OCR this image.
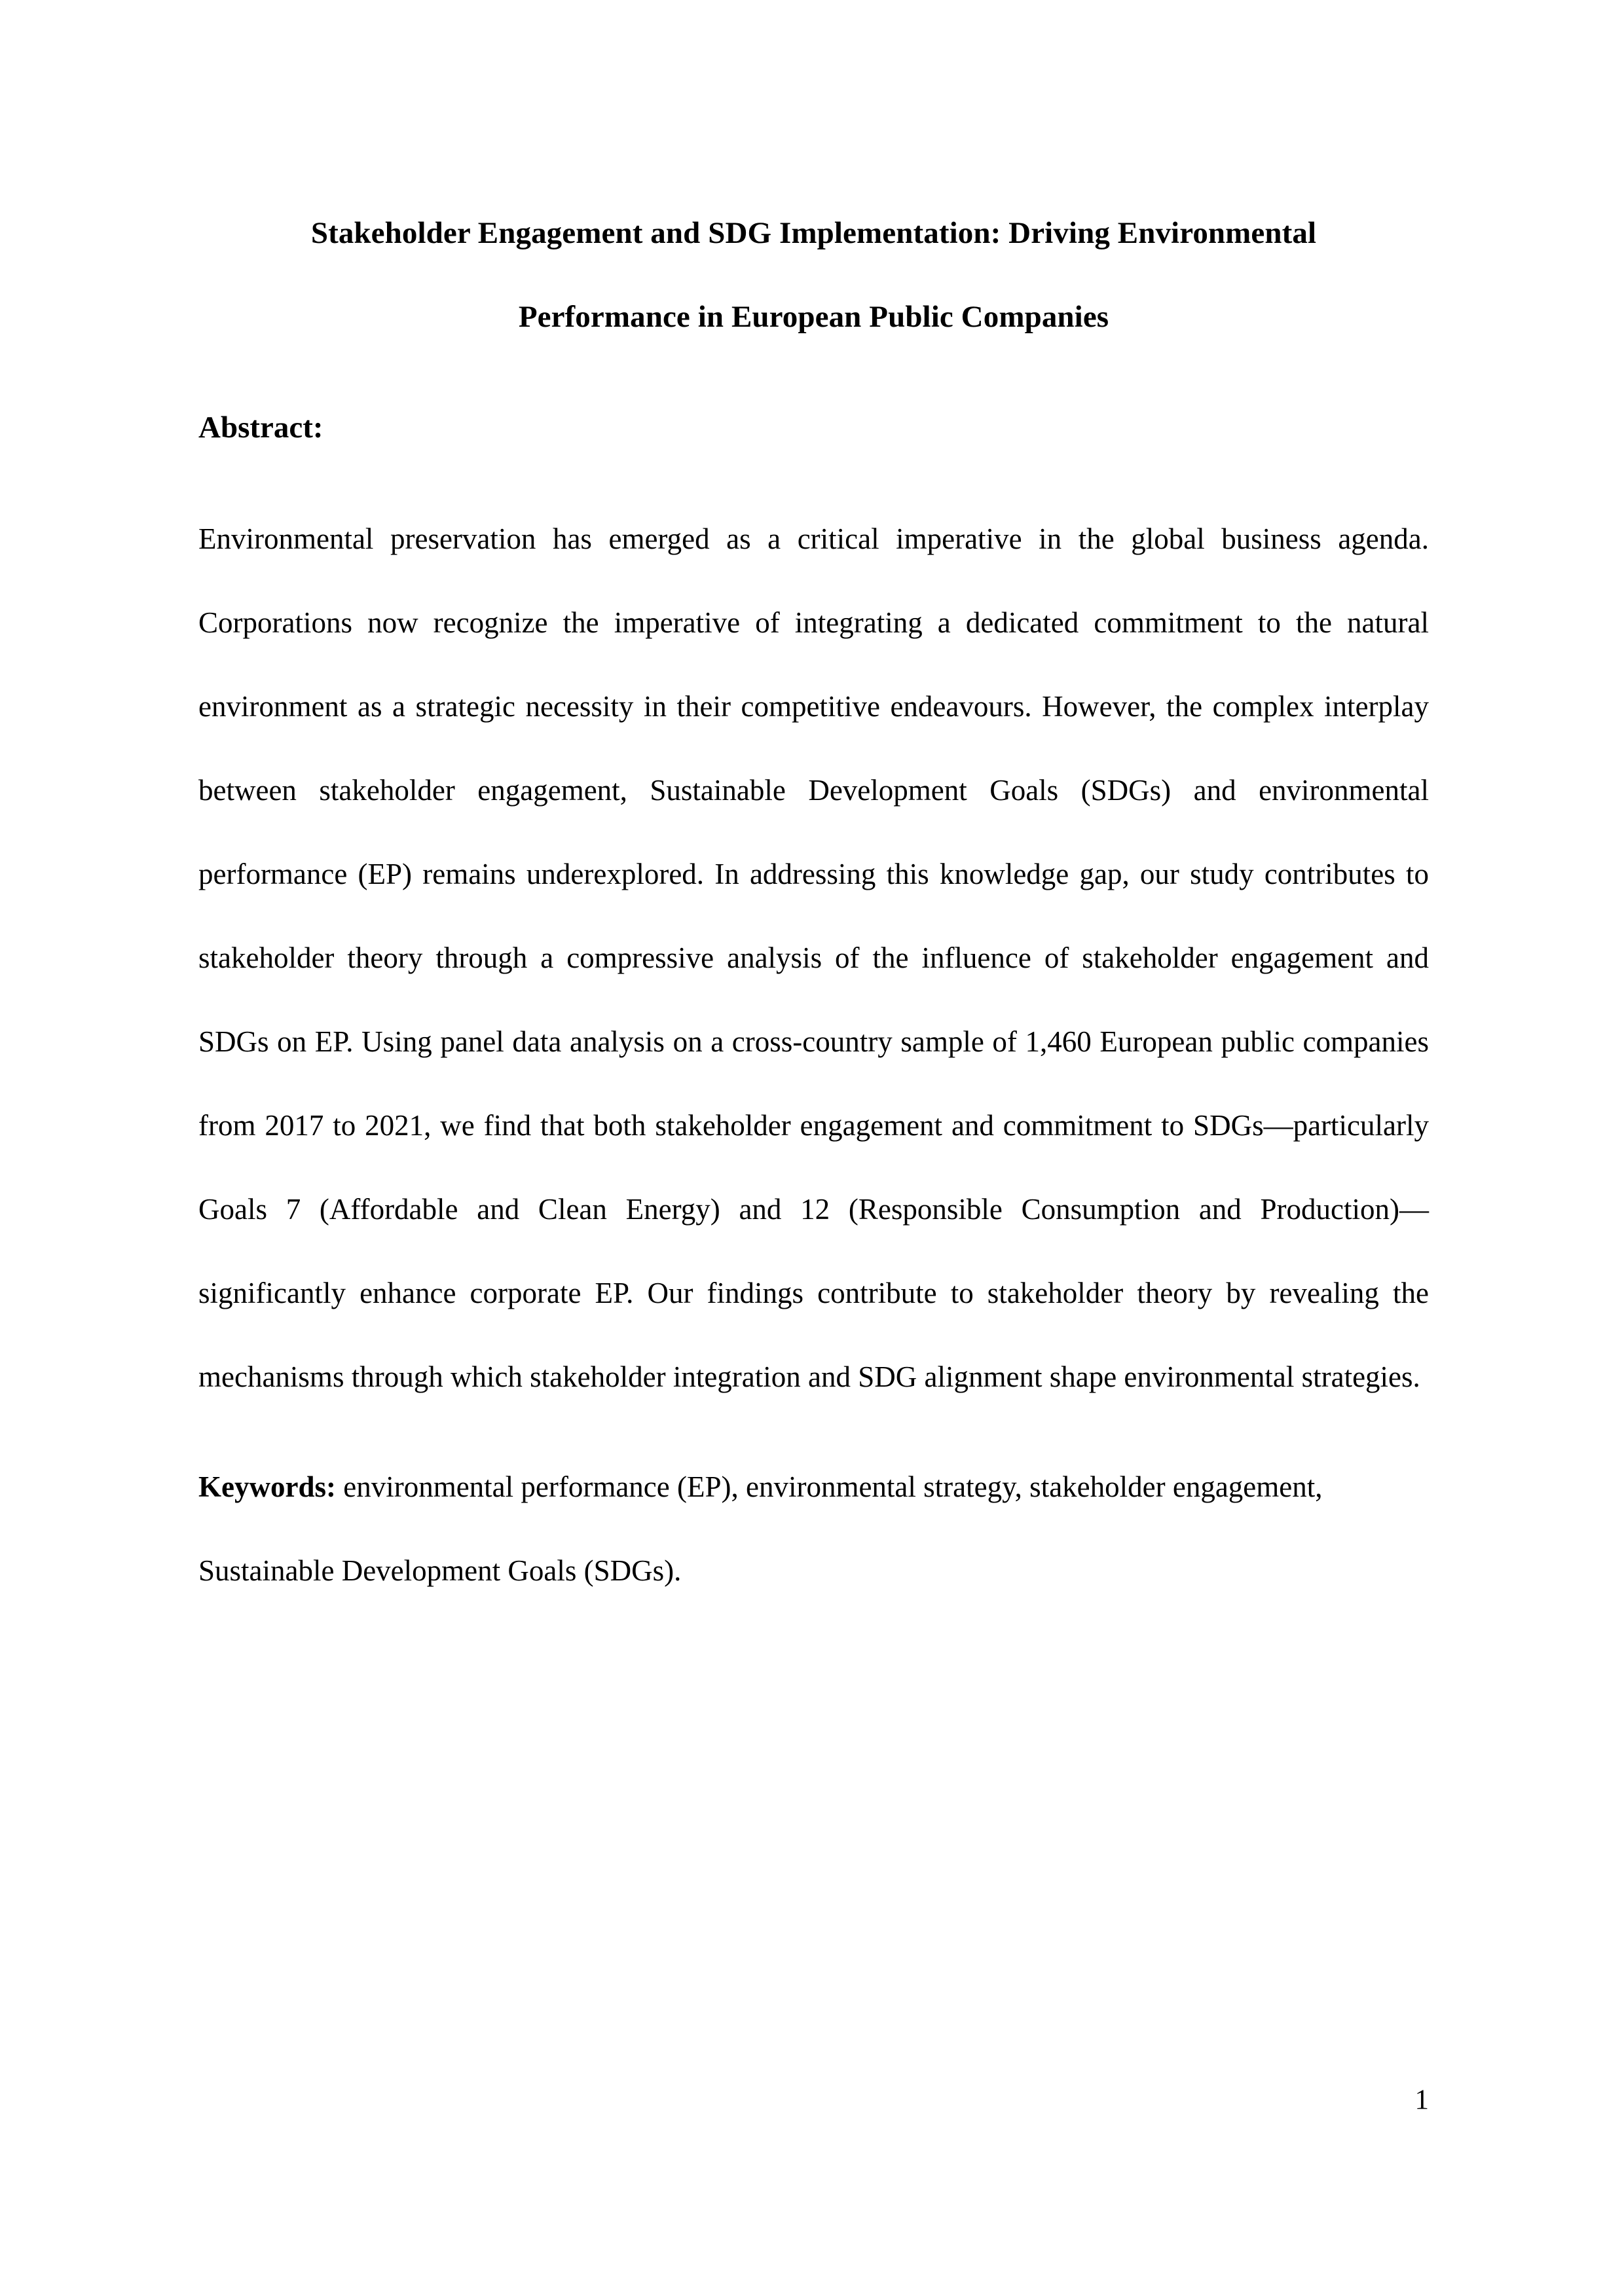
Stakeholder Engagement and SDG Implementation: Driving Environmental
Performance in European Public Companies
Abstract:

Environmental preservation has emerged as a critical imperative in the global business agenda. Corporations now recognize the imperative of integrating a dedicated commitment to the natural environment as a strategic necessity in their competitive endeavours. However, the complex interplay between stakeholder engagement, Sustainable Development Goals (SDGs) and environmental performance (EP) remains underexplored. In addressing this knowledge gap, our study contributes to stakeholder theory through a compressive analysis of the influence of stakeholder engagement and SDGs on EP. Using panel data analysis on a cross-country sample of 1,460 European public companies from 2017 to 2021, we find that both stakeholder engagement and commitment to SDGs—particularly Goals 7 (Affordable and Clean Energy) and 12 (Responsible Consumption and Production)—significantly enhance corporate EP. Our findings contribute to stakeholder theory by revealing the mechanisms through which stakeholder integration and SDG alignment shape environmental strategies.

Keywords: environmental performance (EP), environmental strategy, stakeholder engagement, Sustainable Development Goals (SDGs).

1
